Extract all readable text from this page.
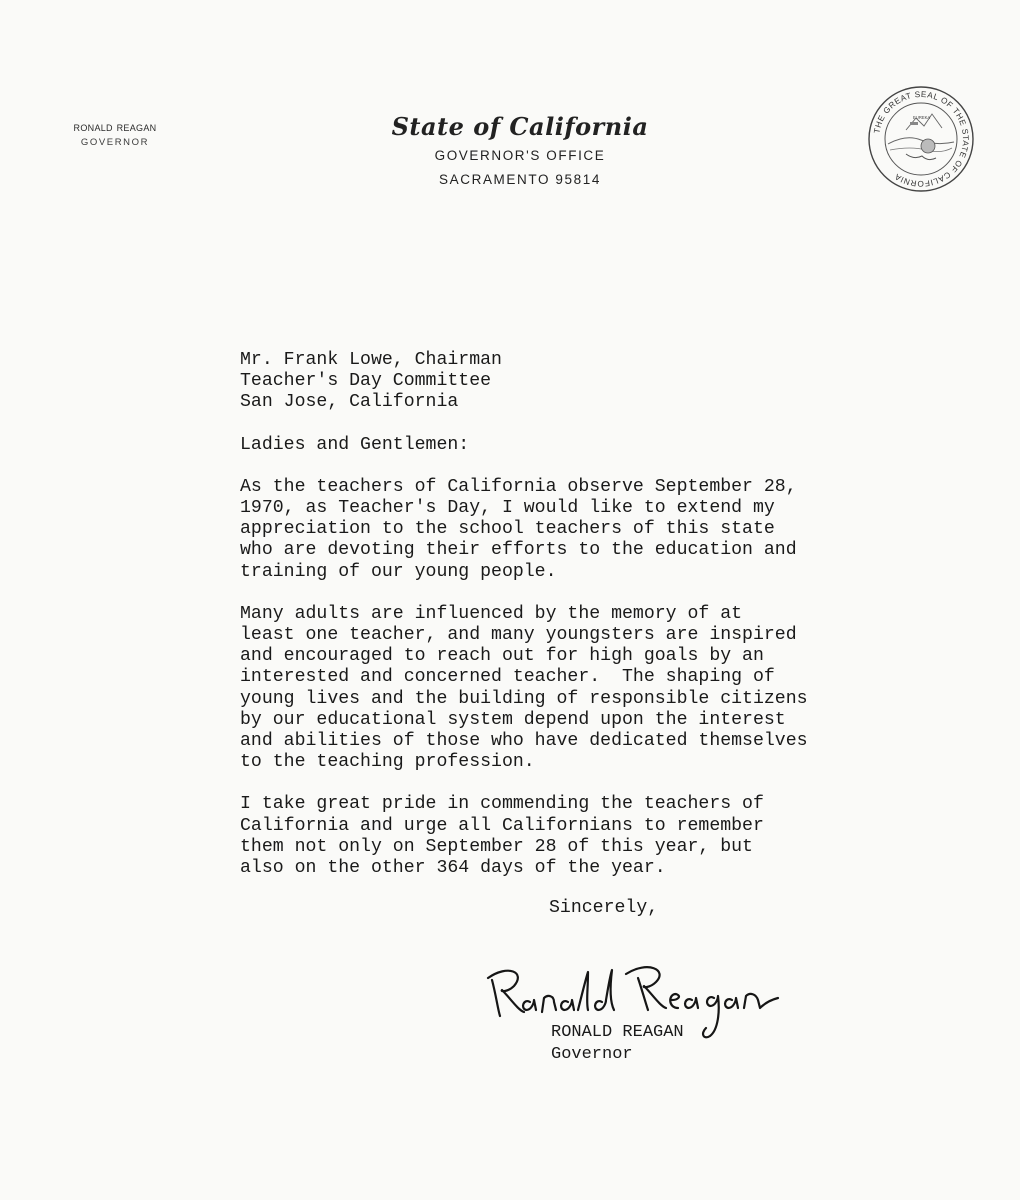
ronald reagan
GOVERNOR
State of California
GOVERNOR'S OFFICE
SACRAMENTO 95814
THE GREAT SEAL OF THE STATE OF CALIFORNIA
EUREKA
Mr. Frank Lowe, Chairman
Teacher's Day Committee
San Jose, California
Ladies and Gentlemen:
As the teachers of California observe September 28,
1970, as Teacher's Day, I would like to extend my
appreciation to the school teachers of this state
who are devoting their efforts to the education and
training of our young people.
Many adults are influenced by the memory of at
least one teacher, and many youngsters are inspired
and encouraged to reach out for high goals by an
interested and concerned teacher.  The shaping of
young lives and the building of responsible citizens
by our educational system depend upon the interest
and abilities of those who have dedicated themselves
to the teaching profession.
I take great pride in commending the teachers of
California and urge all Californians to remember
them not only on September 28 of this year, but
also on the other 364 days of the year.
Sincerely,
RONALD REAGAN
Governor
